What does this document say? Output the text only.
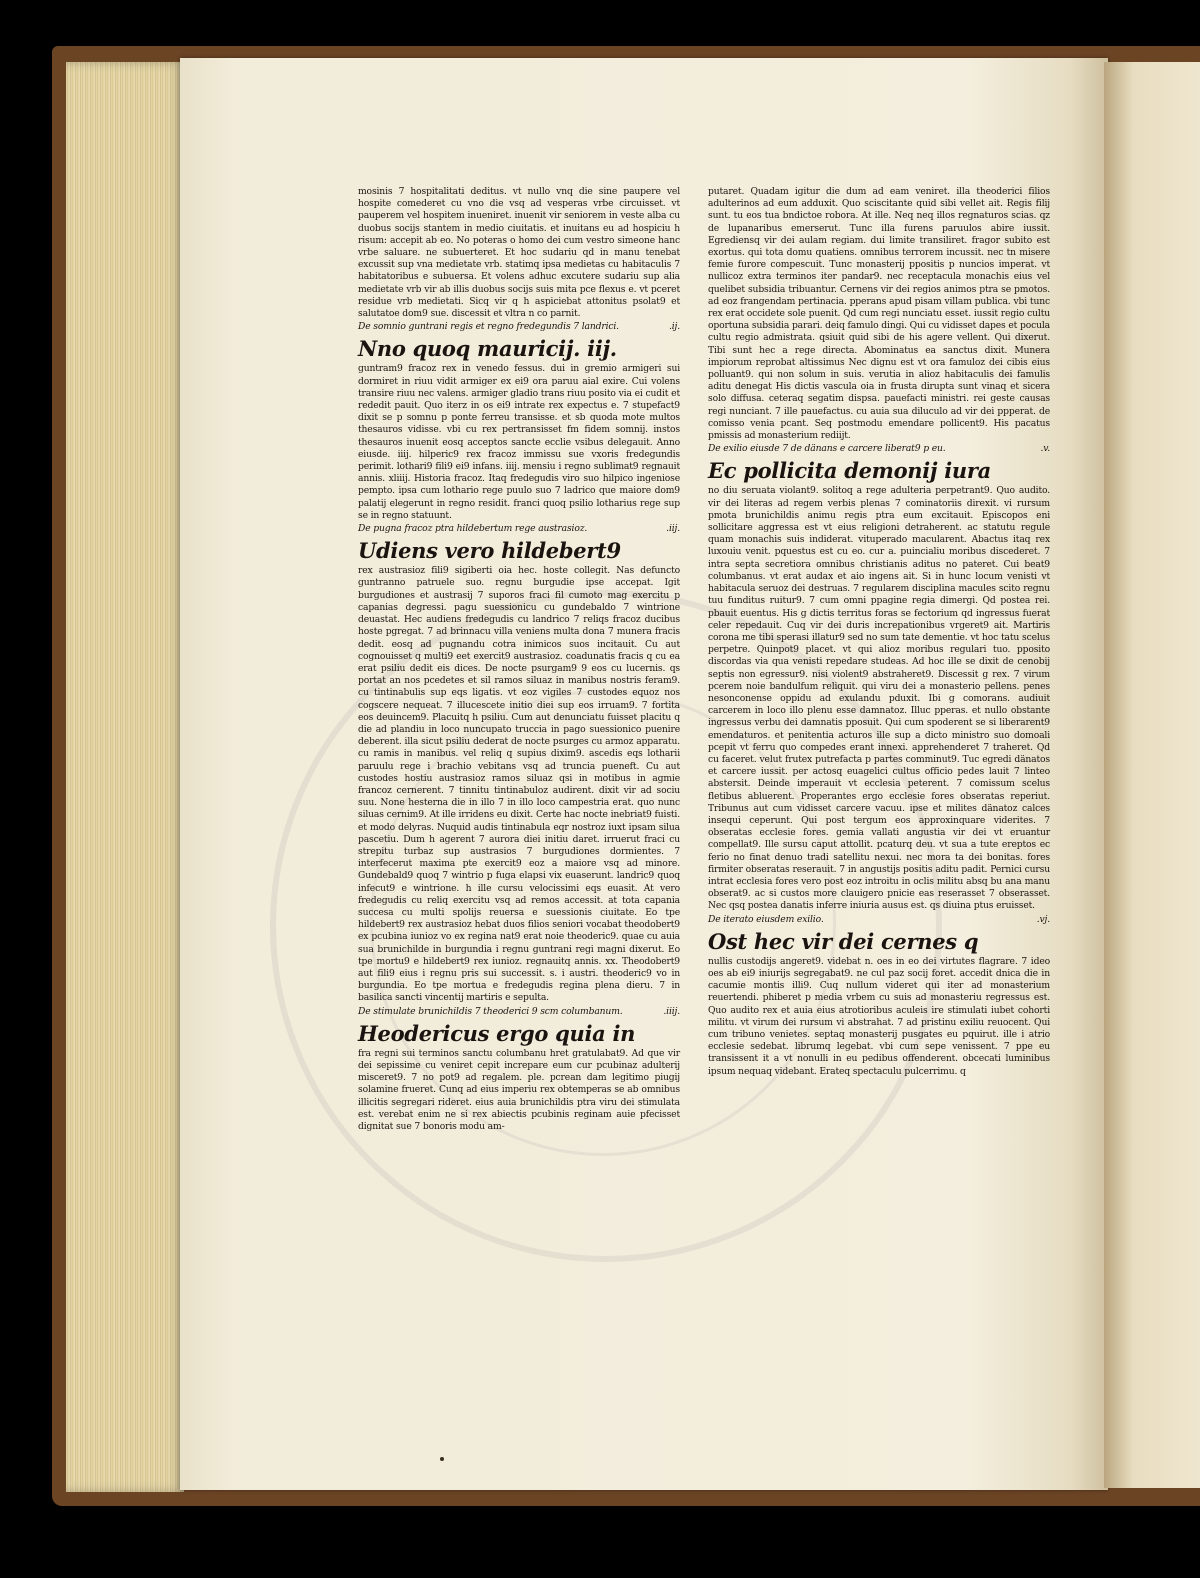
mosinis 7 hospitalitati deditus. vt nullo vnq die sine paupere vel hospite comederet cu vno die vsq ad vesperas vrbe circuisset. vt pauperem vel hospitem inueniret. inuenit vir seniorem in veste alba cu duobus socijs stantem in medio ciuitatis. et inuitans eu ad hospiciu h risum: accepit ab eo. No poteras o homo dei cum vestro simeone hanc vrbe saluare. ne subuerteret. Et hoc sudariu qd in manu tenebat excussit sup vna medietate vrb. statimq ipsa medietas cu habitaculis 7 habitatoribus e subuersa. Et volens adhuc excutere sudariu sup alia medietate vrb vir ab illis duobus socijs suis mita pce flexus e. vt pceret residue vrb medietati. Sicq vir q h aspiciebat attonitus psolat9 et salutatoe dom9 sue. discessit et vltra n co parnit.

De somnio guntrani regis et regno fredegundis 7 landrici.	.ij.
Nno quoq mauricij. iij.

guntram9 fracoz rex in venedo fessus. dui in gremio armigeri sui dormiret in riuu vidit armiger ex ei9 ora paruu aial exire. Cui volens transire riuu nec valens. armiger gladio trans riuu posito via ei cudit et rededit pauit. Quo iterz in os ei9 intrate rex expectus e. 7 stupefact9 dixit se p somnu p ponte ferreu transisse. et sb quoda mote multos thesauros vidisse. vbi cu rex pertransisset fm fidem somnij. instos thesauros inuenit eosq acceptos sancte ecclie vsibus delegauit. Anno eiusde. iiij. hilperic9 rex fracoz immissu sue vxoris fredegundis perimit. lothari9 fili9 ei9 infans. iiij. mensiu i regno sublimat9 regnauit annis. xliiij. Historia fracoz. Itaq fredegudis viro suo hilpico ingeniose pempto. ipsa cum lothario rege puulo suo 7 ladrico que maiore dom9 palatij elegerunt in regno residit. franci quoq psilio lotharius rege sup se in regno statuunt.

De pugna fracoz ptra hildebertum rege austrasioz.	.iij.
Udiens vero hildebert9

rex austrasioz fili9 sigiberti oia hec. hoste collegit. Nas defuncto guntranno patruele suo. regnu burgudie ipse accepat. Igit burgudiones et austrasij 7 suporos fraci fil cumoto mag exercitu p capanias degressi. pagu suessionicu cu gundebaldo 7 wintrione deuastat. Hec audiens fredegudis cu landrico 7 reliqs fracoz ducibus hoste pgregat. 7 ad brinnacu villa veniens multa dona 7 munera fracis dedit. eosq ad pugnandu cotra inimicos suos incitauit. Cu aut cognouisset q multi9 eet exercit9 austrasioz. coadunatis fracis q cu ea erat psiliu dedit eis dices. De nocte psurgam9 9 eos cu lucernis. qs portat an nos pcedetes et sil ramos siluaz in manibus nostris feram9. cu tintinabulis sup eqs ligatis. vt eoz vigiles 7 custodes equoz nos cogscere nequeat. 7 illucescete initio diei sup eos irruam9. 7 fortita eos deuincem9. Placuitq h psiliu. Cum aut denunciatu fuisset placitu q die ad plandiu in loco nuncupato truccia in pago suessionico puenire deberent. illa sicut psiliu dederat de nocte psurges cu armoz apparatu. cu ramis in manibus. vel reliq q supius dixim9. ascedis eqs lotharii paruulu rege i brachio vebitans vsq ad truncia pueneft. Cu aut custodes hostiu austrasioz ramos siluaz qsi in motibus in agmie francoz cernerent. 7 tinnitu tintinabuloz audirent. dixit vir ad sociu suu. None hesterna die in illo 7 in illo loco campestria erat. quo nunc siluas cernim9. At ille irridens eu dixit. Certe hac nocte inebriat9 fuisti. et modo delyras. Nuquid audis tintinabula eqr nostroz iuxt ipsam silua pascetiu. Dum h agerent 7 aurora diei initiu daret. irruerut fraci cu strepitu turbaz sup austrasios 7 burgudiones dormientes. 7 interfecerut maxima pte exercit9 eoz a maiore vsq ad minore. Gundebald9 quoq 7 wintrio p fuga elapsi vix euaserunt. landric9 quoq infecut9 e wintrione. h ille cursu velocissimi eqs euasit. At vero fredegudis cu reliq exercitu vsq ad remos accessit. at tota capania succesa cu multi spolijs reuersa e suessionis ciuitate. Eo tpe hildebert9 rex austrasioz hebat duos filios seniori vocabat theodobert9 ex pcubina iunioz vo ex regina nat9 erat noie theoderic9. quae cu auia sua brunichilde in burgundia i regnu guntrani regi magni dixerut. Eo tpe mortu9 e hildebert9 rex iunioz. regnauitq annis. xx. Theodobert9 aut fili9 eius i regnu pris sui successit. s. i austri. theoderic9 vo in burgundia. Eo tpe mortua e fredegudis regina plena dieru. 7 in basilica sancti vincentij martiris e sepulta.

De stimulate brunichildis 7 theoderici 9 scm columbanum.	.iiij.
Heodericus ergo quia in

fra regni sui terminos sanctu columbanu hret gratulabat9. Ad que vir dei sepissime cu veniret cepit increpare eum cur pcubinaz adulterij misceret9. 7 no pot9 ad regalem. ple. pcrean dam legitimo piugij solamine frueret. Cunq ad eius imperiu rex obtemperas se ab omnibus illicitis segregari rideret. eius auia brunichildis ptra viru dei stimulata est. verebat enim ne si rex abiectis pcubinis reginam auie pfecisset dignitat sue 7 bonoris modu am-

putaret. Quadam igitur die dum ad eam veniret. illa theoderici filios adulterinos ad eum adduxit. Quo sciscitante quid sibi vellet ait. Regis filij sunt. tu eos tua bndictoe robora. At ille. Neq neq illos regnaturos scias. qz de lupanaribus emerserut. Tunc illa furens paruulos abire iussit. Egrediensq vir dei aulam regiam. dui limite transiliret. fragor subito est exortus. qui tota domu quatiens. omnibus terrorem incussit. nec tn misere femie furore compescuit. Tunc monasterij ppositis p nuncios imperat. vt nullicoz extra terminos iter pandar9. nec receptacula monachis eius vel quelibet subsidia tribuantur. Cernens vir dei regios animos ptra se pmotos. ad eoz frangendam pertinacia. pperans apud pisam villam publica. vbi tunc rex erat occidete sole puenit. Qd cum regi nunciatu esset. iussit regio cultu oportuna subsidia parari. deiq famulo dingi. Qui cu vidisset dapes et pocula cultu regio admistrata. qsiuit quid sibi de his agere vellent. Qui dixerut. Tibi sunt hec a rege directa. Abominatus ea sanctus dixit. Munera impiorum reprobat altissimus Nec dignu est vt ora famuloz dei cibis eius polluant9. qui non solum in suis. verutia in alioz habitaculis dei famulis aditu denegat His dictis vascula oia in frusta dirupta sunt vinaq et sicera solo diffusa. ceteraq segatim dispsa. pauefacti ministri. rei geste causas regi nunciant. 7 ille pauefactus. cu auia sua diluculo ad vir dei ppperat. de comisso venia pcant. Seq postmodu emendare pollicent9. His pacatus pmissis ad monasterium rediijt.

De exilio eiusde 7 de dänans e carcere liberat9 p eu.	.v.
Ec pollicita demonij iura

no diu seruata violant9. solitoq a rege adulteria perpetrant9. Quo audito. vir dei literas ad regem verbis plenas 7 cominatoriis direxit. vi rursum pmota brunichildis animu regis ptra eum excitauit. Episcopos eni sollicitare aggressa est vt eius religioni detraherent. ac statutu regule quam monachis suis indiderat. vituperado macularent. Abactus itaq rex luxouiu venit. pquestus est cu eo. cur a. puincialiu moribus discederet. 7 intra septa secretiora omnibus christianis aditus no pateret. Cui beat9 columbanus. vt erat audax et aio ingens ait. Si in hunc locum venisti vt habitacula seruoz dei destruas. 7 regularem disciplina macules scito regnu tuu funditus ruitur9. 7 cum omni ppagine regia dimergi. Qd postea rei. pbauit euentus. His g dictis territus foras se fectorium qd ingressus fuerat celer repedauit. Cuq vir dei duris increpationibus vrgeret9 ait. Martiris corona me tibi sperasi illatur9 sed no sum tate dementie. vt hoc tatu scelus perpetre. Quinpot9 placet. vt qui alioz moribus regulari tuo. pposito discordas via qua venisti repedare studeas. Ad hoc ille se dixit de cenobij septis non egressur9. nisi violent9 abstraheret9. Discessit g rex. 7 virum pcerem noie bandulfum reliquit. qui viru dei a monasterio pellens. penes nesonconense oppidu ad exulandu pduxit. Ibi g comorans. audiuit carcerem in loco illo plenu esse damnatoz. Illuc pperas. et nullo obstante ingressus verbu dei damnatis pposuit. Qui cum spoderent se si liberarent9 emendaturos. et penitentia acturos ille sup a dicto ministro suo domoali pcepit vt ferru quo compedes erant innexi. apprehenderet 7 traheret. Qd cu faceret. velut frutex putrefacta p partes comminut9. Tuc egredi dänatos et carcere iussit. per actosq euagelici cultus officio pedes lauit 7 linteo abstersit. Deinde imperauit vt ecclesia peterent. 7 comissum scelus fletibus abluerent. Properantes ergo ecclesie fores obseratas reperiut. Tribunus aut cum vidisset carcere vacuu. ipse et milites dänatoz calces insequi ceperunt. Qui post tergum eos approxinquare viderites. 7 obseratas ecclesie fores. gemia vallati angustia vir dei vt eruantur compellat9. Ille sursu caput attollit. pcaturq deu. vt sua a tute ereptos ec ferio no finat denuo tradi satellitu nexui. nec mora ta dei bonitas. fores firmiter obseratas reserauit. 7 in angustijs positis aditu padit. Pernici cursu intrat ecclesia fores vero post eoz introitu in oclis militu absq bu ana manu obserat9. ac si custos more clauigero pnicie eas reserasset 7 obserasset. Nec qsq postea danatis inferre iniuria ausus est. qs diuina ptus eruisset.

De iterato eiusdem exilio.	.vj.
Ost hec vir dei cernes q

nullis custodijs angeret9. videbat n. oes in eo dei virtutes flagrare. 7 ideo oes ab ei9 iniurijs segregabat9. ne cul paz socij foret. accedit dnica die in cacumie montis illi9. Cuq nullum videret qui iter ad monasterium reuertendi. phiberet p media vrbem cu suis ad monasteriu regressus est. Quo audito rex et auia eius atrotioribus aculeis ire stimulati iubet cohorti militu. vt virum dei rursum vi abstrahat. 7 ad pristinu exiliu reuocent. Qui cum tribuno venietes. septaq monasterij pusgates eu pquirut. ille i atrio ecclesie sedebat. librumq legebat. vbi cum sepe venissent. 7 ppe eu transissent it a vt nonulli in eu pedibus offenderent. obcecati luminibus ipsum nequaq videbant. Erateq spectaculu pulcerrimu. q
